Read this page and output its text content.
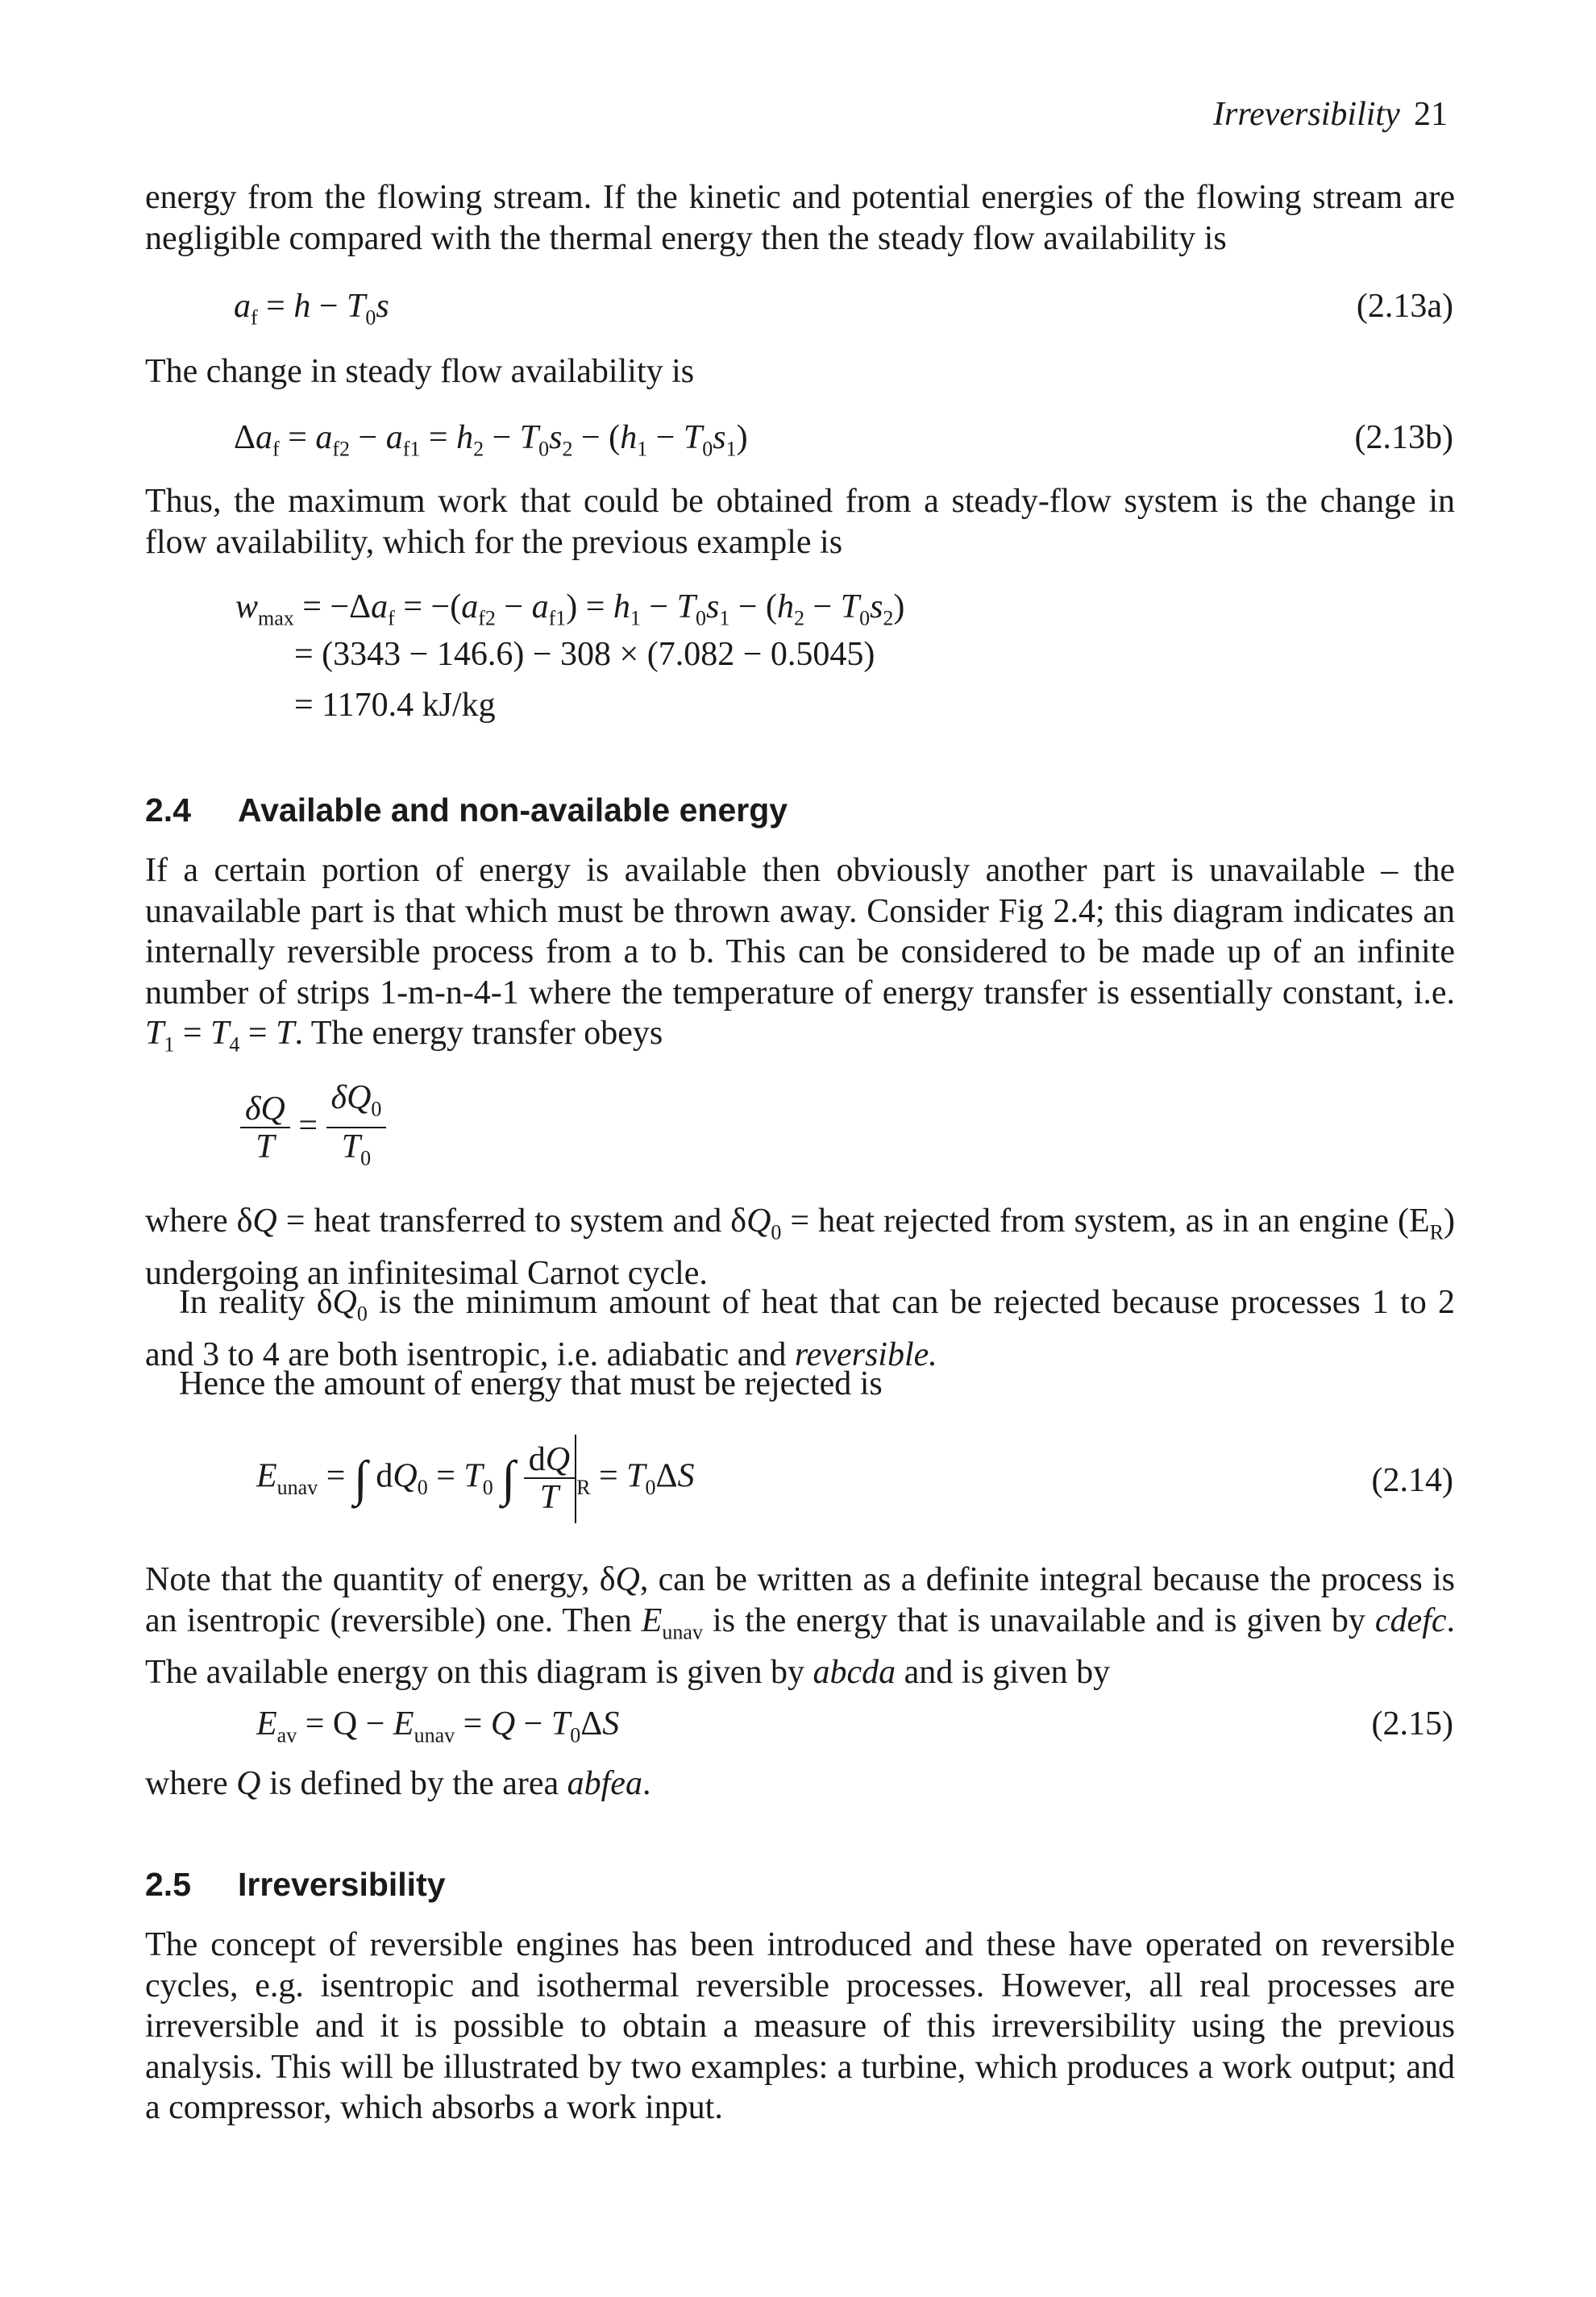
Irreversibility 21
energy from the flowing stream. If the kinetic and potential energies of the flowing stream are negligible compared with the thermal energy then the steady flow availability is
$a_f = h - T_0s$	(2.13a)
The change in steady flow availability is
$\Delta a_f = a_{f2} - a_{f1} = h_2 - T_0s_2 - (h_1 - T_0s_1)$	(2.13b)
Thus, the maximum work that could be obtained from a steady-flow system is the change in flow availability, which for the previous example is
$w_{max} = -\Delta a_f = -(a_{f2} - a_{f1}) = h_1 - T_0s_1 - (h_2 - T_0s_2)$
= (3343 − 146.6) − 308 × (7.082 − 0.5045)
= 1170.4 kJ/kg
2.4 Available and non-available energy
If a certain portion of energy is available then obviously another part is unavailable – the unavailable part is that which must be thrown away. Consider Fig 2.4; this diagram indicates an internally reversible process from a to b. This can be considered to be made up of an infinite number of strips 1-m-n-4-1 where the temperature of energy transfer is essentially constant, i.e. $T_1 = T_4 = T$. The energy transfer obeys
$\frac{\delta Q}{T} = \frac{\delta Q_0}{T_0}$
where δQ = heat transferred to system and $\delta Q_0$ = heat rejected from system, as in an engine $(E_R)$ undergoing an infinitesimal Carnot cycle.
In reality $\delta Q_0$ is the minimum amount of heat that can be rejected because processes 1 to 2 and 3 to 4 are both isentropic, i.e. adiabatic and reversible.
Hence the amount of energy that must be rejected is
$E_{unav}$ = ∫ $dQ_0 = T_0$ ∫ $\frac{dQ}{T} _R = T_0\Delta S$	(2.14)
Note that the quantity of energy, δQ, can be written as a definite integral because the process is an isentropic (reversible) one. Then $E_{unav}$ is the energy that is unavailable and is given by cdefc. The available energy on this diagram is given by abcda and is given by
$E_{av} = Q - E_{unav} = Q - T_0\Delta S$	(2.15)
where Q is defined by the area abfea.
2.5 Irreversibility
The concept of reversible engines has been introduced and these have operated on reversible cycles, e.g. isentropic and isothermal reversible processes. However, all real processes are irreversible and it is possible to obtain a measure of this irreversibility using the previous analysis. This will be illustrated by two examples: a turbine, which produces a work output; and a compressor, which absorbs a work input.
